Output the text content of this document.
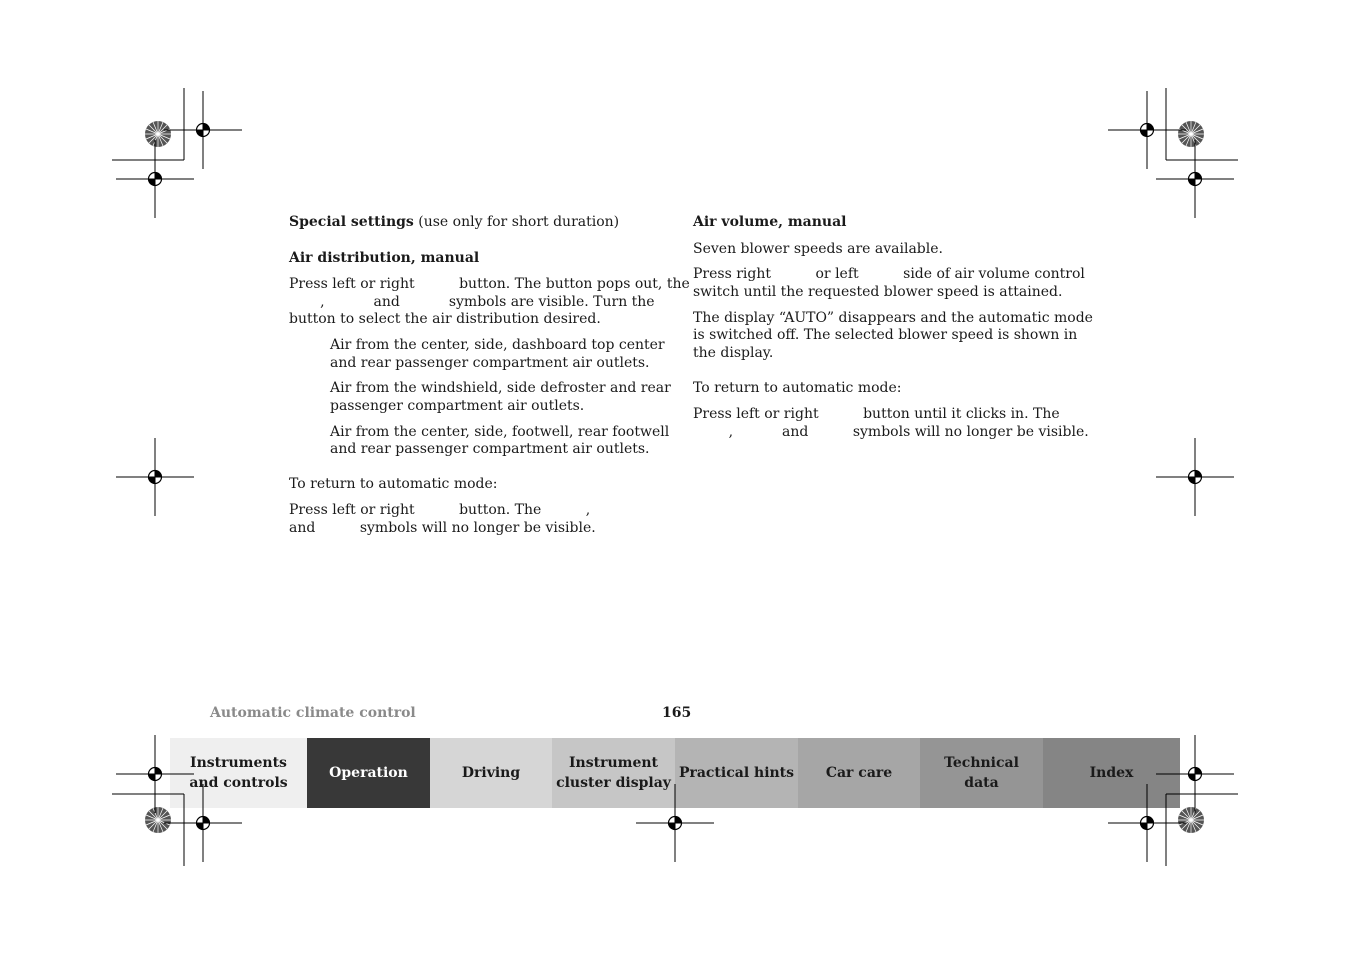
Special settings (use only for short duration)

Air distribution, manual

Press left or right          button. The button pops out, the

,           and           symbols are visible. Turn the

button to select the air distribution desired.

Air from the center, side, dashboard top center

and rear passenger compartment air outlets.

Air from the windshield, side defroster and rear

passenger compartment air outlets.

Air from the center, side, footwell, rear footwell

and rear passenger compartment air outlets.

To return to automatic mode:

Press left or right          button. The          ,

and          symbols will no longer be visible.

Air volume, manual

Seven blower speeds are available.

Press right          or left          side of air volume control

switch until the requested blower speed is attained.

The display “AUTO” disappears and the automatic mode

is switched off. The selected blower speed is shown in

the display.

To return to automatic mode:

Press left or right          button until it clicks in. The

,           and          symbols will no longer be visible.

Automatic climate control	165

Instruments
and controls
Operation	Driving
Instrument
cluster display
Practical hints Car care
Technical
data
Index
